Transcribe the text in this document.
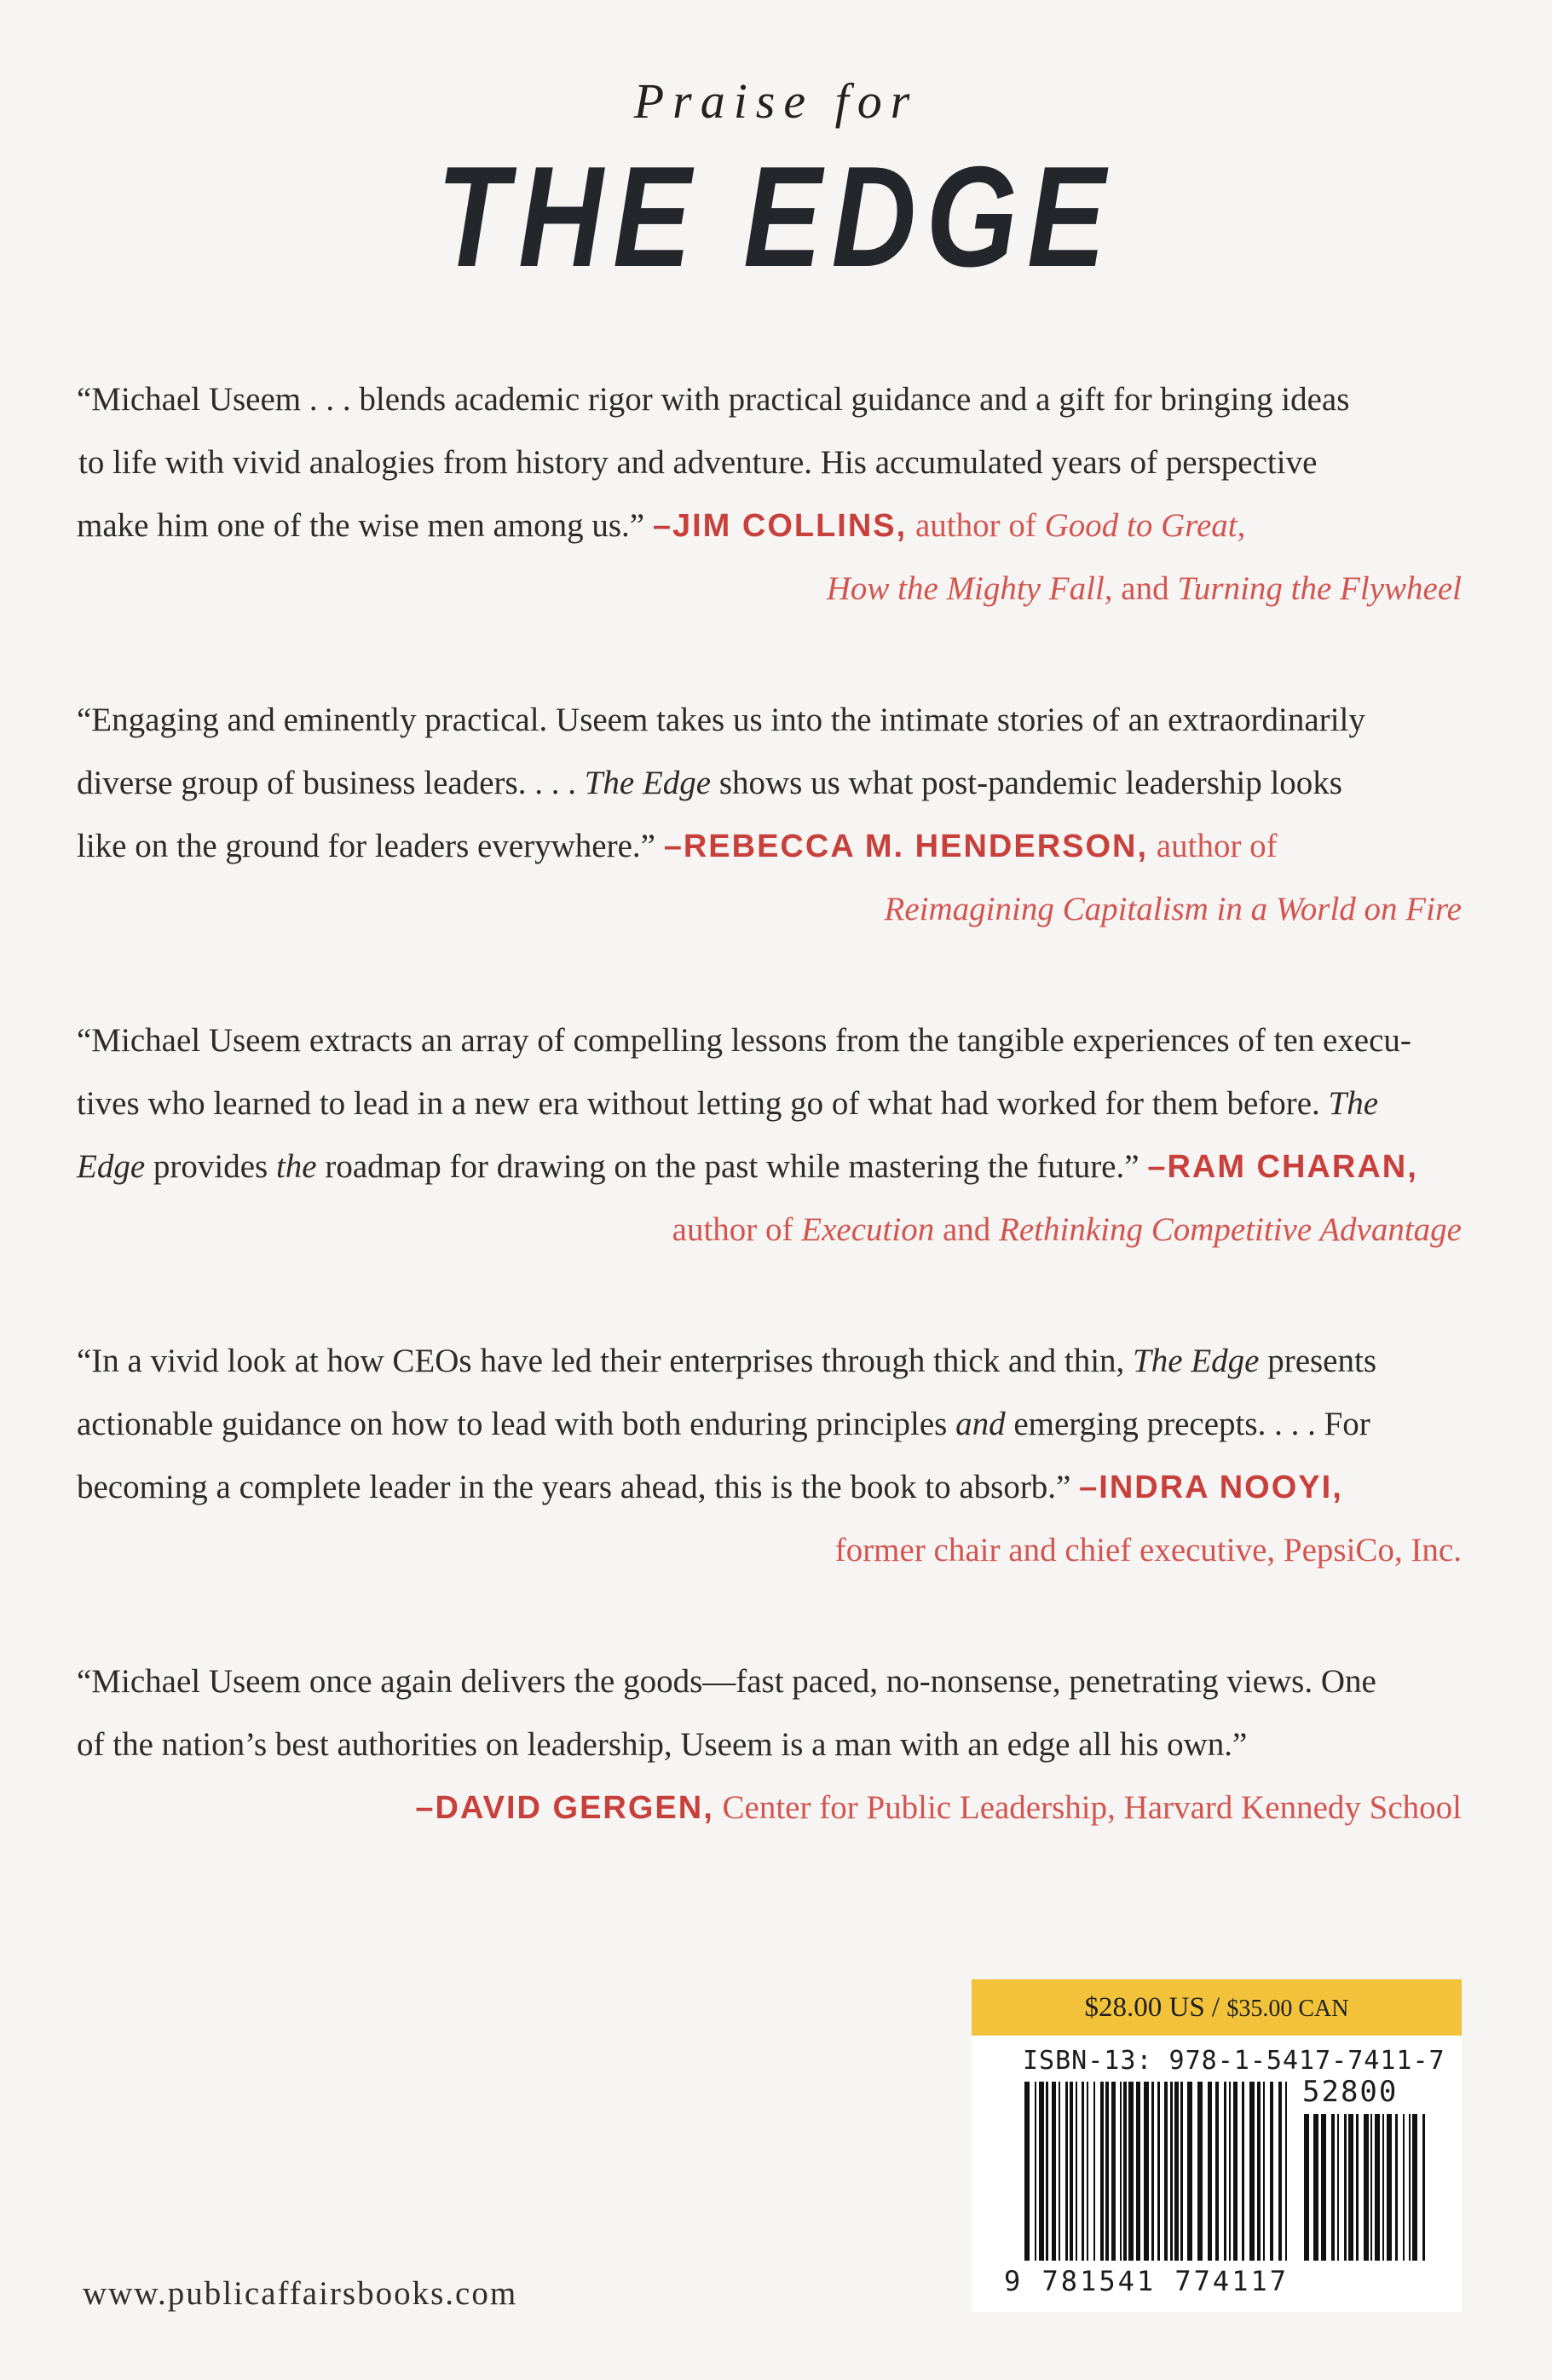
Praise for
THE EDGE
“Michael Useem . . . blends academic rigor with practical guidance and a gift for bringing ideas
to life with vivid analogies from history and adventure. His accumulated years of perspective
make him one of the wise men among us.” –JIM COLLINS, author of Good to Great,
How the Mighty Fall, and Turning the Flywheel
“Engaging and eminently practical. Useem takes us into the intimate stories of an extraordinarily
diverse group of business leaders. . . . The Edge shows us what post-pandemic leadership looks
like on the ground for leaders everywhere.” –REBECCA M. HENDERSON, author of
Reimagining Capitalism in a World on Fire
“Michael Useem extracts an array of compelling lessons from the tangible experiences of ten execu-
tives who learned to lead in a new era without letting go of what had worked for them before. The
Edge provides the roadmap for drawing on the past while mastering the future.” –RAM CHARAN,
author of Execution and Rethinking Competitive Advantage
“In a vivid look at how CEOs have led their enterprises through thick and thin, The Edge presents
actionable guidance on how to lead with both enduring principles and emerging precepts. . . . For
becoming a complete leader in the years ahead, this is the book to absorb.” –INDRA NOOYI,
former chair and chief executive, PepsiCo, Inc.
“Michael Useem once again delivers the goods—fast paced, no-nonsense, penetrating views. One
of the nation’s best authorities on leadership, Useem is a man with an edge all his own.”
–DAVID GERGEN, Center for Public Leadership, Harvard Kennedy School
www.publicaffairsbooks.com
$28.00 US / $35.00 CAN
ISBN-13: 978-1-5417-7411-7
52800
9 781541 774117
